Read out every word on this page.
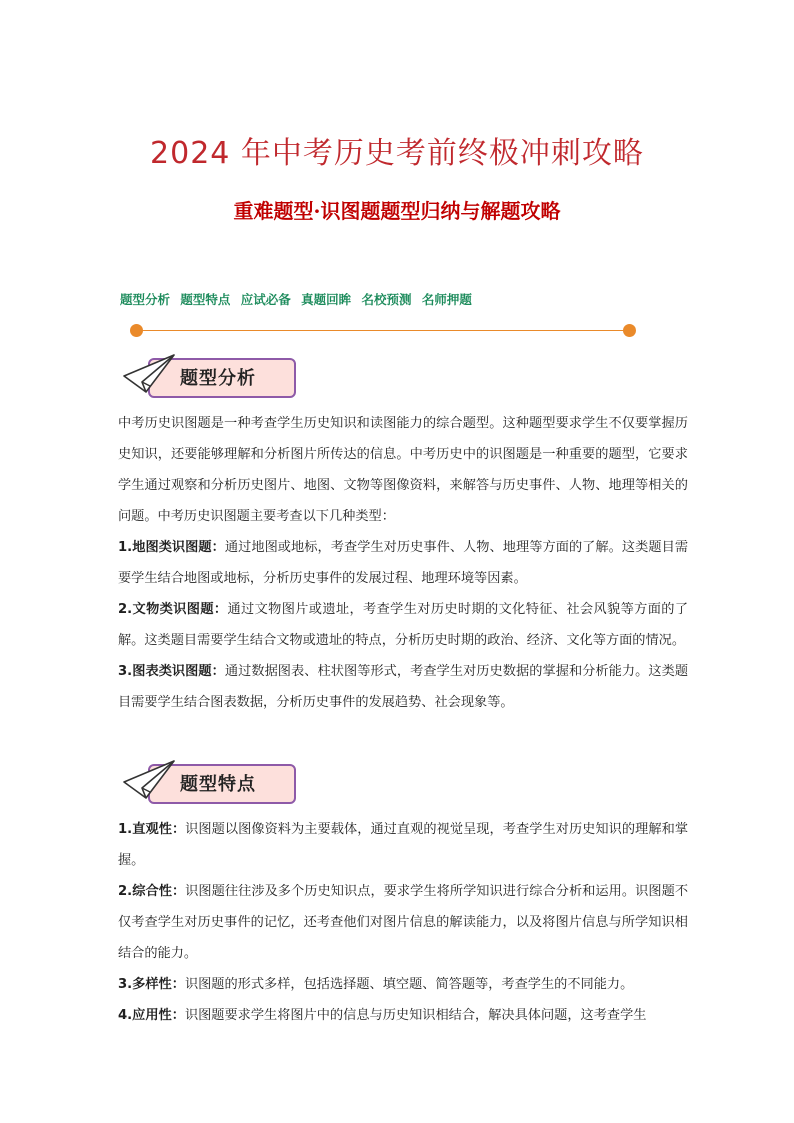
2024 年中考历史考前终极冲刺攻略
重难题型·识图题题型归纳与解题攻略
题型分析 题型特点 应试必备 真题回眸 名校预测 名师押题
题型分析

中考历史识图题是一种考查学生历史知识和读图能力的综合题型。这种题型要求学生不仅要掌握历史知识，还要能够理解和分析图片所传达的信息。中考历史中的识图题是一种重要的题型，它要求学生通过观察和分析历史图片、地图、文物等图像资料，来解答与历史事件、人物、地理等相关的问题。中考历史识图题主要考查以下几种类型：

1.地图类识图题：通过地图或地标，考查学生对历史事件、人物、地理等方面的了解。这类题目需要学生结合地图或地标，分析历史事件的发展过程、地理环境等因素。

2.文物类识图题：通过文物图片或遗址，考查学生对历史时期的文化特征、社会风貌等方面的了解。这类题目需要学生结合文物或遗址的特点，分析历史时期的政治、经济、文化等方面的情况。

3.图表类识图题：通过数据图表、柱状图等形式，考查学生对历史数据的掌握和分析能力。这类题目需要学生结合图表数据，分析历史事件的发展趋势、社会现象等。

题型特点

1.直观性：识图题以图像资料为主要载体，通过直观的视觉呈现，考查学生对历史知识的理解和掌握。

2.综合性：识图题往往涉及多个历史知识点，要求学生将所学知识进行综合分析和运用。识图题不仅考查学生对历史事件的记忆，还考查他们对图片信息的解读能力，以及将图片信息与所学知识相结合的能力。

3.多样性：识图题的形式多样，包括选择题、填空题、简答题等，考查学生的不同能力。

4.应用性：识图题要求学生将图片中的信息与历史知识相结合，解决具体问题，这考查学生
